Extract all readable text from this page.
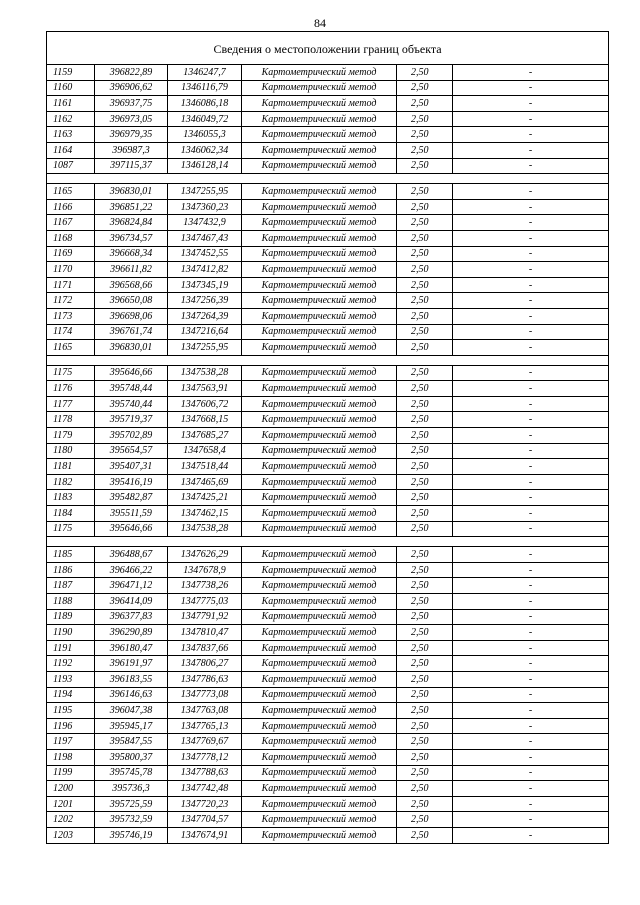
84
Сведения о местоположении границ объекта					
1159	396822,89	1346247,7	Картометрический метод	2,50	-
1160	396906,62	1346116,79	Картометрический метод	2,50	-
1161	396937,75	1346086,18	Картометрический метод	2,50	-
1162	396973,05	1346049,72	Картометрический метод	2,50	-
1163	396979,35	1346055,3	Картометрический метод	2,50	-
1164	396987,3	1346062,34	Картометрический метод	2,50	-
1087	397115,37	1346128,14	Картометрический метод	2,50	-

1165	396830,01	1347255,95	Картометрический метод	2,50	-
1166	396851,22	1347360,23	Картометрический метод	2,50	-
1167	396824,84	1347432,9	Картометрический метод	2,50	-
1168	396734,57	1347467,43	Картометрический метод	2,50	-
1169	396668,34	1347452,55	Картометрический метод	2,50	-
1170	396611,82	1347412,82	Картометрический метод	2,50	-
1171	396568,66	1347345,19	Картометрический метод	2,50	-
1172	396650,08	1347256,39	Картометрический метод	2,50	-
1173	396698,06	1347264,39	Картометрический метод	2,50	-
1174	396761,74	1347216,64	Картометрический метод	2,50	-
1165	396830,01	1347255,95	Картометрический метод	2,50	-

1175	395646,66	1347538,28	Картометрический метод	2,50	-
1176	395748,44	1347563,91	Картометрический метод	2,50	-
1177	395740,44	1347606,72	Картометрический метод	2,50	-
1178	395719,37	1347668,15	Картометрический метод	2,50	-
1179	395702,89	1347685,27	Картометрический метод	2,50	-
1180	395654,57	1347658,4	Картометрический метод	2,50	-
1181	395407,31	1347518,44	Картометрический метод	2,50	-
1182	395416,19	1347465,69	Картометрический метод	2,50	-
1183	395482,87	1347425,21	Картометрический метод	2,50	-
1184	395511,59	1347462,15	Картометрический метод	2,50	-
1175	395646,66	1347538,28	Картометрический метод	2,50	-

1185	396488,67	1347626,29	Картометрический метод	2,50	-
1186	396466,22	1347678,9	Картометрический метод	2,50	-
1187	396471,12	1347738,26	Картометрический метод	2,50	-
1188	396414,09	1347775,03	Картометрический метод	2,50	-
1189	396377,83	1347791,92	Картометрический метод	2,50	-
1190	396290,89	1347810,47	Картометрический метод	2,50	-
1191	396180,47	1347837,66	Картометрический метод	2,50	-
1192	396191,97	1347806,27	Картометрический метод	2,50	-
1193	396183,55	1347786,63	Картометрический метод	2,50	-
1194	396146,63	1347773,08	Картометрический метод	2,50	-
1195	396047,38	1347763,08	Картометрический метод	2,50	-
1196	395945,17	1347765,13	Картометрический метод	2,50	-
1197	395847,55	1347769,67	Картометрический метод	2,50	-
1198	395800,37	1347778,12	Картометрический метод	2,50	-
1199	395745,78	1347788,63	Картометрический метод	2,50	-
1200	395736,3	1347742,48	Картометрический метод	2,50	-
1201	395725,59	1347720,23	Картометрический метод	2,50	-
1202	395732,59	1347704,57	Картометрический метод	2,50	-
1203	395746,19	1347674,91	Картометрический метод	2,50	-
